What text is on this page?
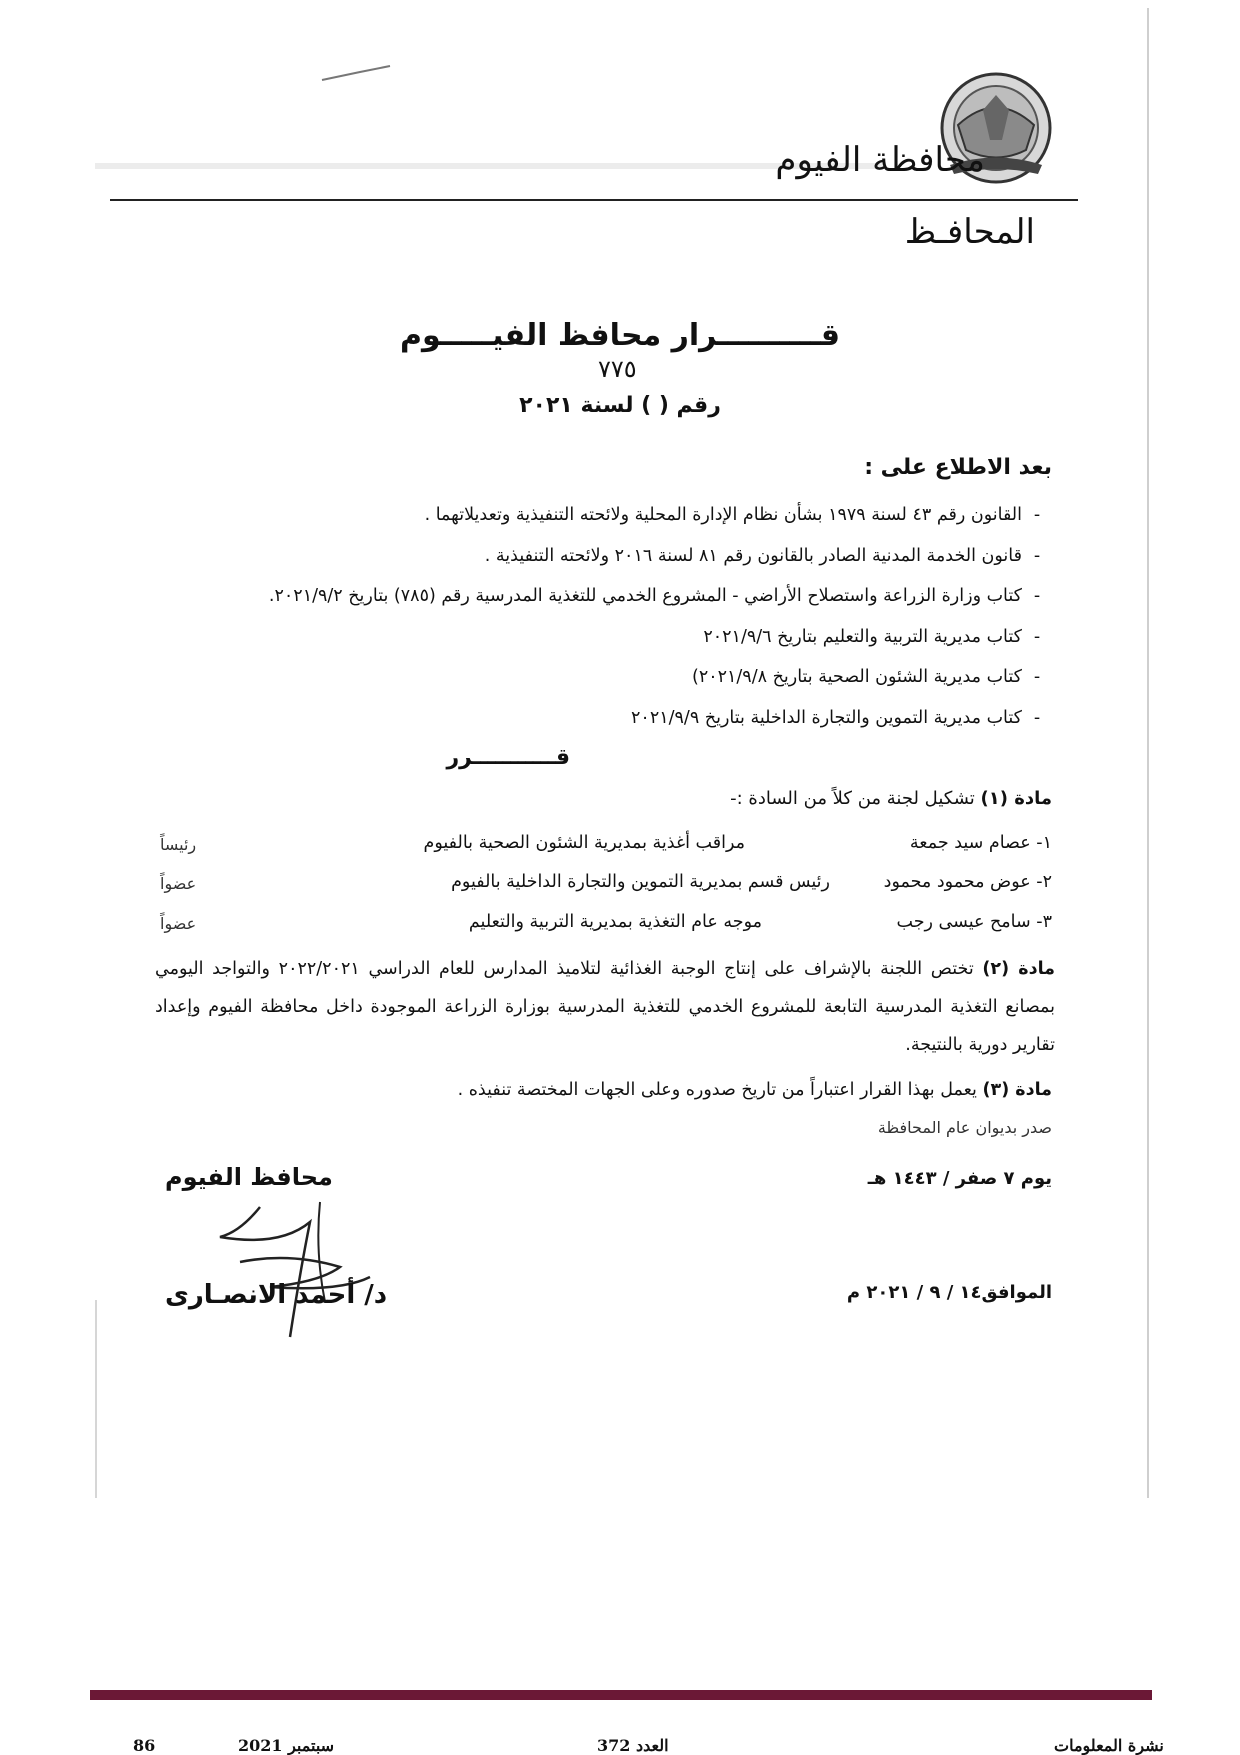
محافظة الفيوم
المحافـظ
قــــــــــرار محافظ الفيـــــوم
٧٧٥
رقم ( ) لسنة ٢٠٢١
بعد الاطلاع على :
-
القانون رقم ٤٣ لسنة ١٩٧٩ بشأن نظام الإدارة المحلية ولائحته التنفيذية وتعديلاتهما .
-
قانون الخدمة المدنية الصادر بالقانون رقم ٨١ لسنة ٢٠١٦ ولائحته التنفيذية .
-
كتاب وزارة الزراعة واستصلاح الأراضي - المشروع الخدمي للتغذية المدرسية رقم (٧٨٥) بتاريخ ٢٠٢١/٩/٢.
-
كتاب مديرية التربية والتعليم بتاريخ ٢٠٢١/٩/٦
-
كتاب مديرية الشئون الصحية بتاريخ ٢٠٢١/٩/٨)
-
كتاب مديرية التموين والتجارة الداخلية بتاريخ ٢٠٢١/٩/٩
قـــــــــــرر
مادة (١) تشكيل لجنة من كلاً من السادة :-
١- عصام سيد جمعة
مراقب أغذية بمديرية الشئون الصحية بالفيوم
رئيساً
٢- عوض محمود محمود
رئيس قسم بمديرية التموين والتجارة الداخلية بالفيوم
عضواً
٣- سامح عيسى رجب
موجه عام التغذية بمديرية التربية والتعليم
عضواً
مادة (٢) تختص اللجنة بالإشراف على إنتاج الوجبة الغذائية لتلاميذ المدارس للعام الدراسي ٢٠٢٢/٢٠٢١ والتواجد اليومي بمصانع التغذية المدرسية التابعة للمشروع الخدمي للتغذية المدرسية بوزارة الزراعة الموجودة داخل محافظة الفيوم وإعداد تقارير دورية بالنتيجة.
مادة (٣) يعمل بهذا القرار اعتباراً من تاريخ صدوره وعلى الجهات المختصة تنفيذه .
صدر بديوان عام المحافظة
يوم ٧ صفر / ١٤٤٣ هـ
الموافق١٤ / ٩ / ٢٠٢١ م
محافظ الفيوم
د/ أحمد الانصـارى
86	سبتمبر 2021	العدد 372	نشرة المعلومات
